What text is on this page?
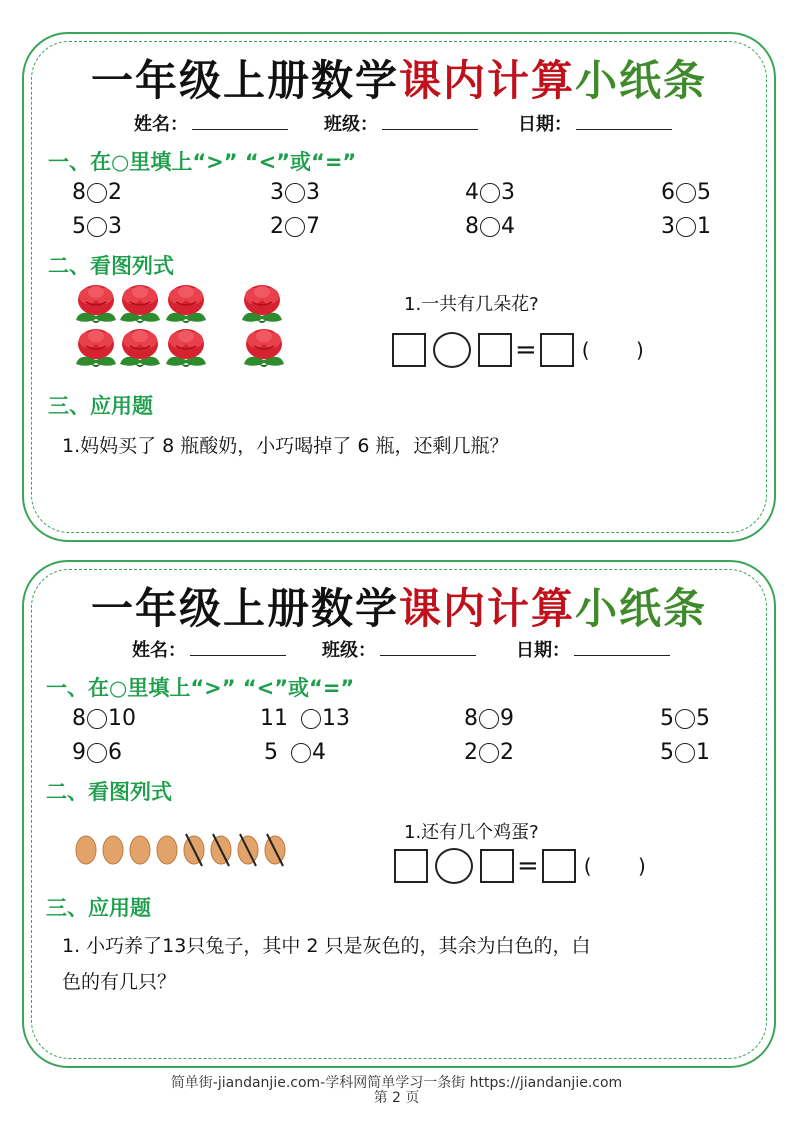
一年级上册数学课内计算小纸条
姓名：	班级：	日期：
一、在○里填上“>” “<”或“=”
8 2	3 3	4 3	6 5
5 3	2 7	8 4	3 1
二、看图列式
1.一共有几朵花?
= ( )
三、应用题
1.妈妈买了 8 瓶酸奶，小巧喝掉了 6 瓶，还剩几瓶？
一年级上册数学课内计算小纸条
姓名：	班级：	日期：
一、在○里填上“>” “<”或“=”
8 10	11 13	8 9	5 5
9 6	5 4	2 2	5 1
二、看图列式
1.还有几个鸡蛋?
= ( )
三、应用题
1. 小巧养了13只兔子，其中 2 只是灰色的，其余为白色的，白
色的有几只？
简单街-jiandanjie.com-学科网简单学习一条街 https://jiandanjie.com
第 2 页
